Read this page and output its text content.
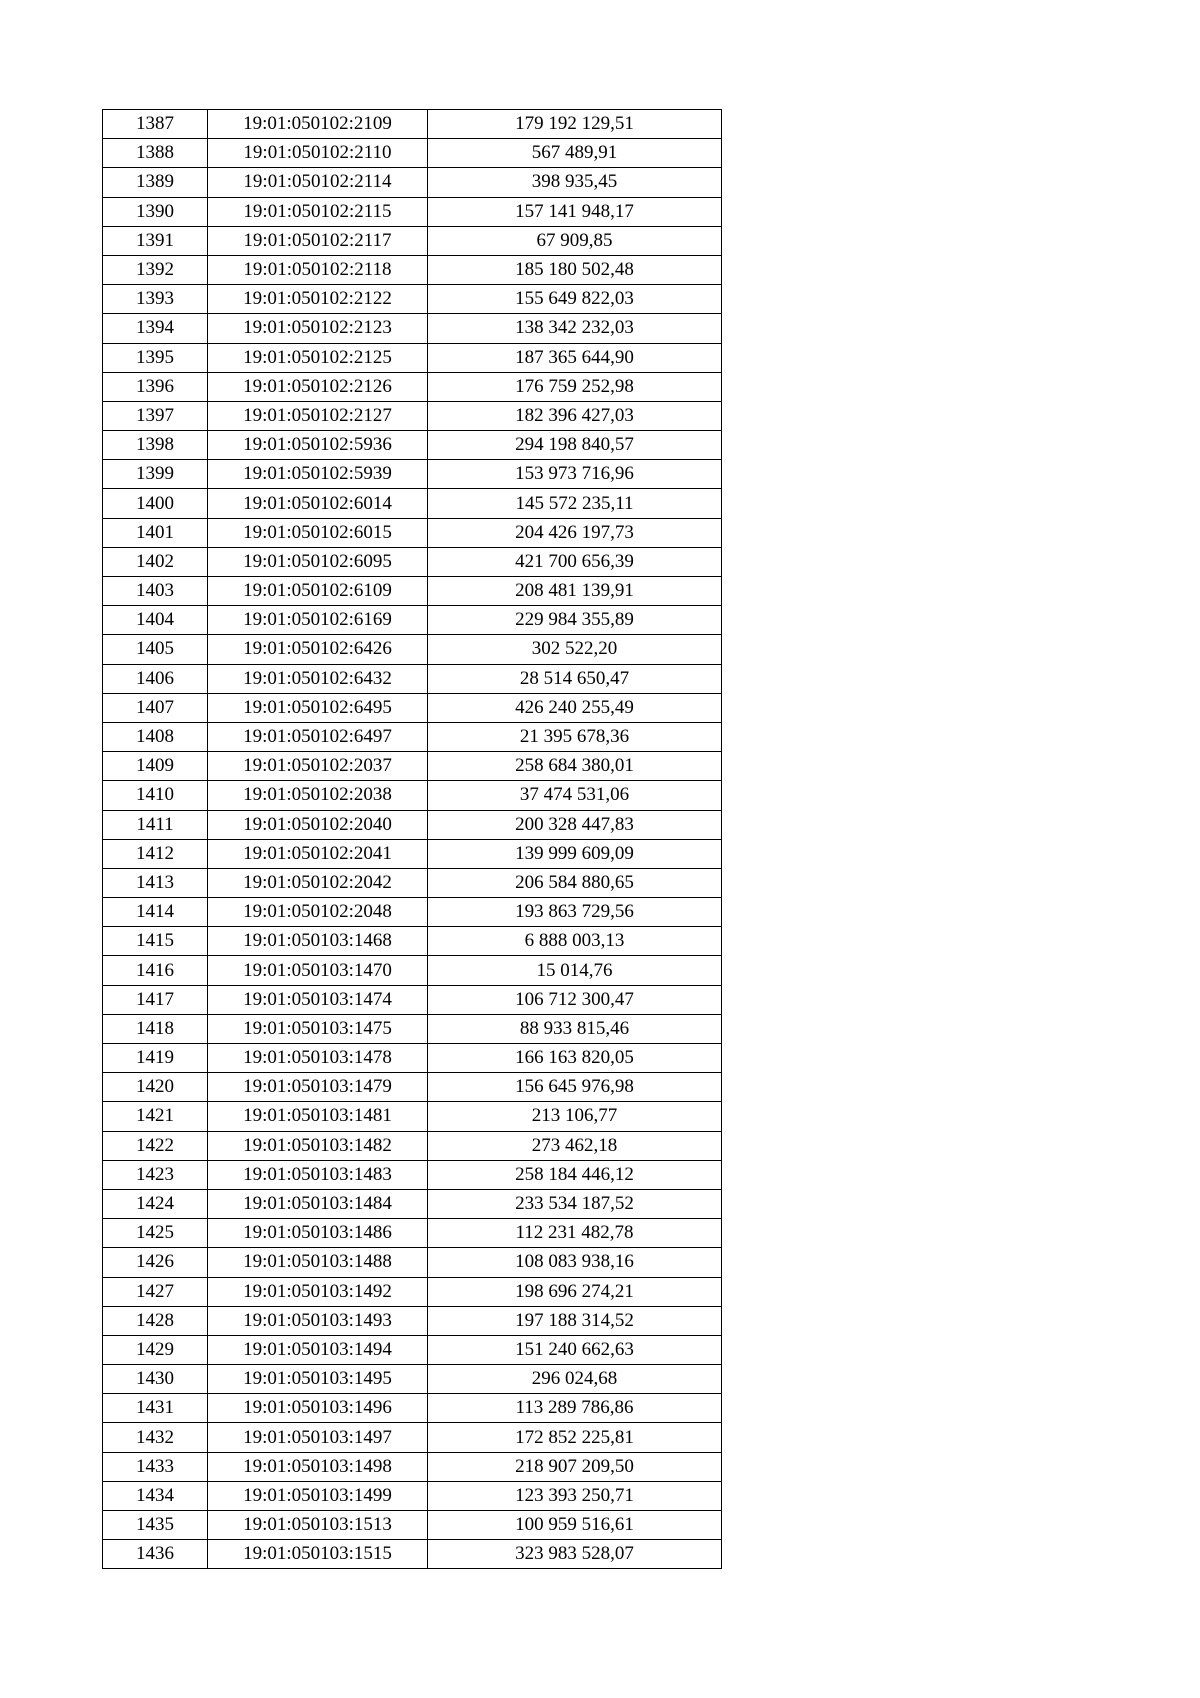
1387	19:01:050102:2109	179 192 129,51
1388	19:01:050102:2110	567 489,91
1389	19:01:050102:2114	398 935,45
1390	19:01:050102:2115	157 141 948,17
1391	19:01:050102:2117	67 909,85
1392	19:01:050102:2118	185 180 502,48
1393	19:01:050102:2122	155 649 822,03
1394	19:01:050102:2123	138 342 232,03
1395	19:01:050102:2125	187 365 644,90
1396	19:01:050102:2126	176 759 252,98
1397	19:01:050102:2127	182 396 427,03
1398	19:01:050102:5936	294 198 840,57
1399	19:01:050102:5939	153 973 716,96
1400	19:01:050102:6014	145 572 235,11
1401	19:01:050102:6015	204 426 197,73
1402	19:01:050102:6095	421 700 656,39
1403	19:01:050102:6109	208 481 139,91
1404	19:01:050102:6169	229 984 355,89
1405	19:01:050102:6426	302 522,20
1406	19:01:050102:6432	28 514 650,47
1407	19:01:050102:6495	426 240 255,49
1408	19:01:050102:6497	21 395 678,36
1409	19:01:050102:2037	258 684 380,01
1410	19:01:050102:2038	37 474 531,06
1411	19:01:050102:2040	200 328 447,83
1412	19:01:050102:2041	139 999 609,09
1413	19:01:050102:2042	206 584 880,65
1414	19:01:050102:2048	193 863 729,56
1415	19:01:050103:1468	6 888 003,13
1416	19:01:050103:1470	15 014,76
1417	19:01:050103:1474	106 712 300,47
1418	19:01:050103:1475	88 933 815,46
1419	19:01:050103:1478	166 163 820,05
1420	19:01:050103:1479	156 645 976,98
1421	19:01:050103:1481	213 106,77
1422	19:01:050103:1482	273 462,18
1423	19:01:050103:1483	258 184 446,12
1424	19:01:050103:1484	233 534 187,52
1425	19:01:050103:1486	112 231 482,78
1426	19:01:050103:1488	108 083 938,16
1427	19:01:050103:1492	198 696 274,21
1428	19:01:050103:1493	197 188 314,52
1429	19:01:050103:1494	151 240 662,63
1430	19:01:050103:1495	296 024,68
1431	19:01:050103:1496	113 289 786,86
1432	19:01:050103:1497	172 852 225,81
1433	19:01:050103:1498	218 907 209,50
1434	19:01:050103:1499	123 393 250,71
1435	19:01:050103:1513	100 959 516,61
1436	19:01:050103:1515	323 983 528,07
